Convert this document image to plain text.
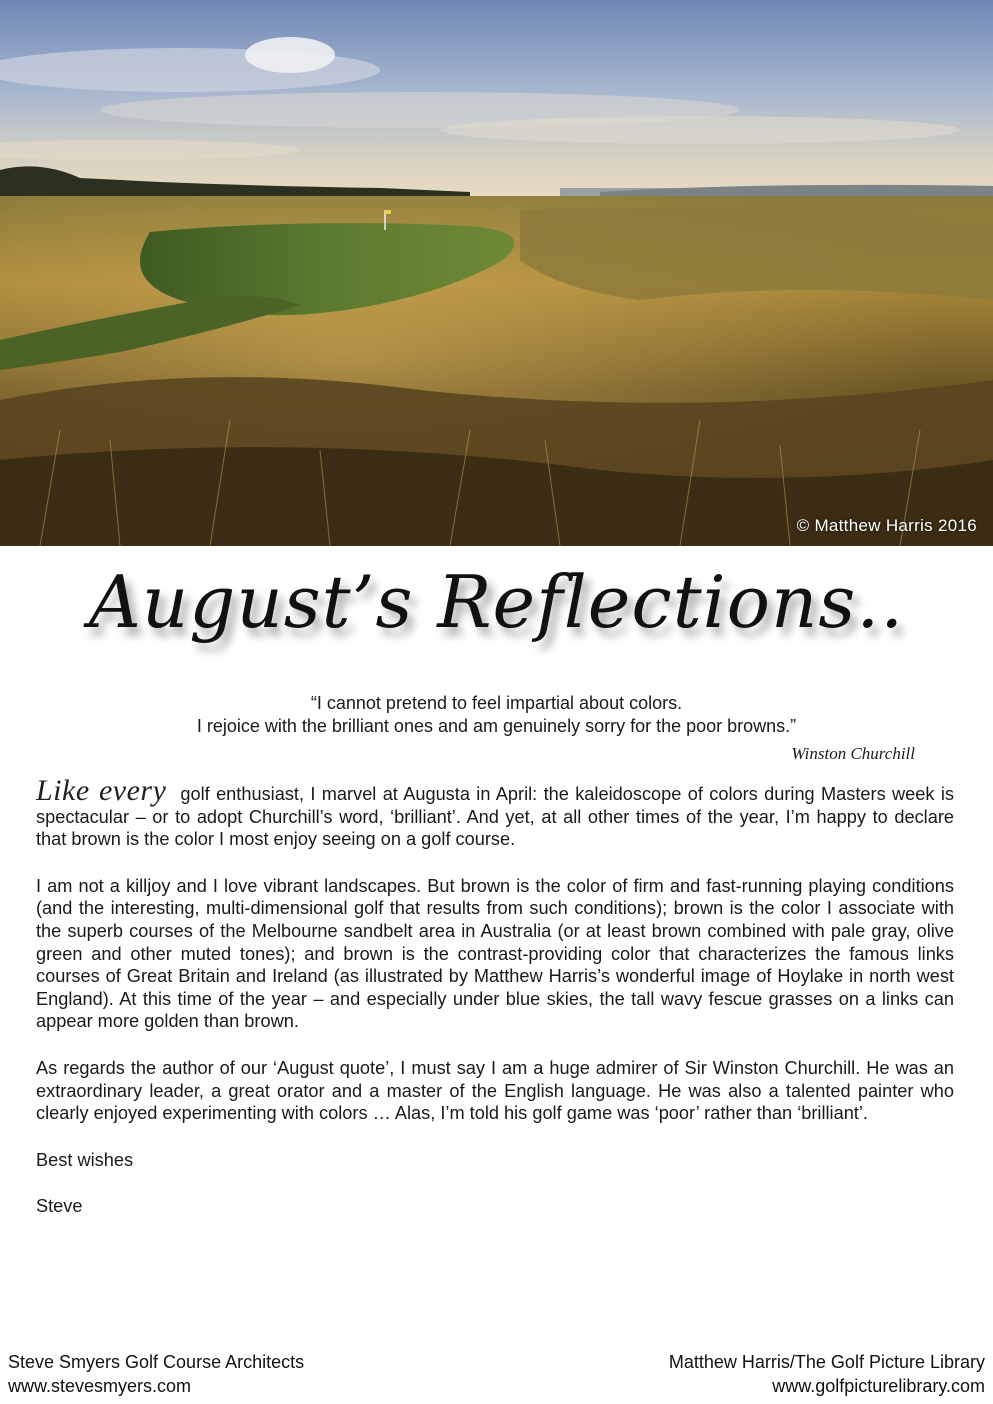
© Matthew Harris 2016
August’s Reflections..
“I cannot pretend to feel impartial about colors.
I rejoice with the brilliant ones and am genuinely sorry for the poor browns.”
Winston Churchill

Like every golf enthusiast, I marvel at Augusta in April: the kaleidoscope of colors during Masters week is spectacular – or to adopt Churchill’s word, ‘brilliant’. And yet, at all other times of the year, I’m happy to declare that brown is the color I most enjoy seeing on a golf course.

I am not a killjoy and I love vibrant landscapes. But brown is the color of firm and fast-running playing conditions (and the interesting, multi-dimensional golf that results from such conditions); brown is the color I associate with the superb courses of the Melbourne sandbelt area in Australia (or at least brown combined with pale gray, olive green and other muted tones); and brown is the contrast-providing color that characterizes the famous links courses of Great Britain and Ireland (as illustrated by Matthew Harris’s wonderful image of Hoylake in north west England). At this time of the year – and especially under blue skies, the tall wavy fescue grasses on a links can appear more golden than brown.

As regards the author of our ‘August quote’, I must say I am a huge admirer of Sir Winston Churchill. He was an extraordinary leader, a great orator and a master of the English language. He was also a talented painter who clearly enjoyed experimenting with colors … Alas, I’m told his golf game was ‘poor’ rather than ‘brilliant’.

Best wishes

Steve

Steve Smyers Golf Course Architects
www.stevesmyers.com
Matthew Harris/The Golf Picture Library
www.golfpicturelibrary.com
